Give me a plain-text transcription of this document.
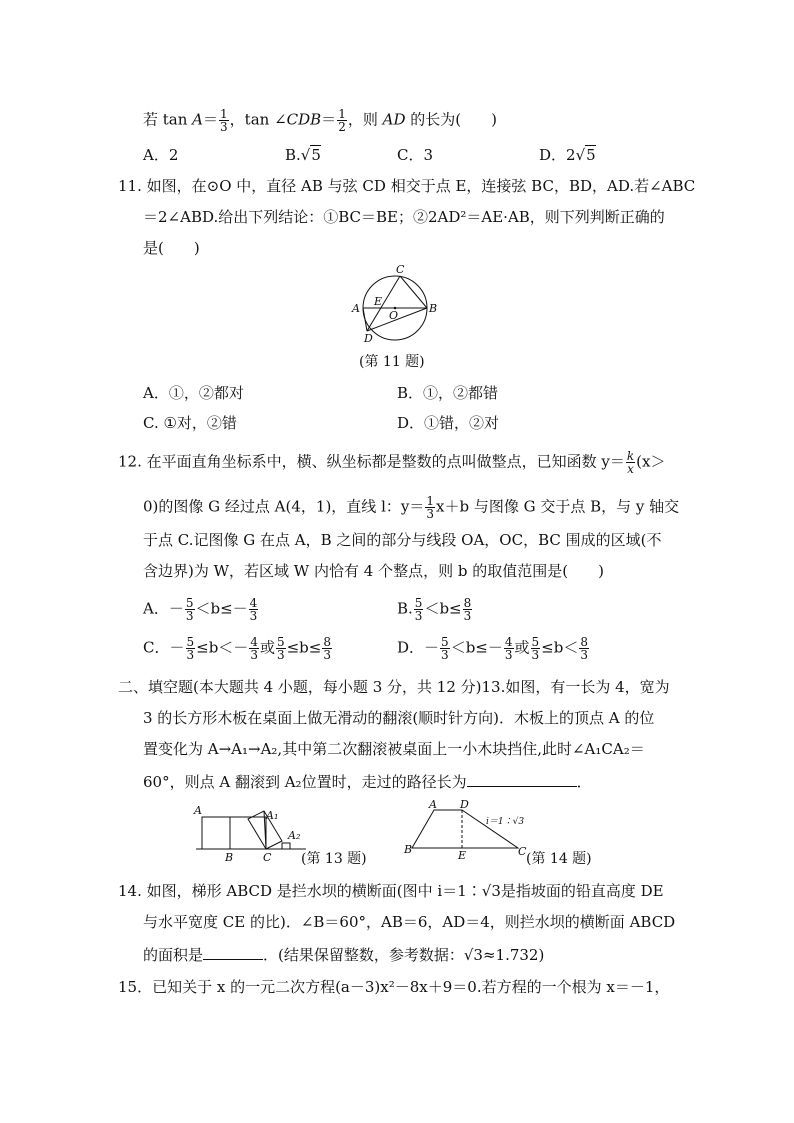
若 $\tan A= \frac{1}{3}$ ，tan ∠CDB＝ $\frac{1}{2}$ ，则 AD 的长为(　　)
A．2	B.√5	C．3	D．2√5
11. 如图，在⊙O 中，直径 AB 与弦 CD 相交于点 E，连接弦 BC，BD，AD.若∠ABC
＝2∠ABD.给出下列结论：①BC＝BE；②2AD²＝AE·AB，则下列判断正确的
是(　　)
C
A
E
O
B
D
(第 11 题)
A．①，②都对	B．①，②都错
C. ①对，②错	D．①错，②对
12. 在平面直角坐标系中，横、纵坐标都是整数的点叫做整点，已知函数 $y= \frac{k}{x} (x>$
0)的图像 G 经过点 A(4，1)，直线 l：$y= \frac{1}{3} x+b$ 与图像 G 交于点 B，与 y 轴交
于点 C.记图像 G 在点 A，B 之间的部分与线段 OA，OC，BC 围成的区域(不
含边界)为 W，若区域 W 内恰有 4 个整点，则 b 的取值范围是(　　)
A．－ $\frac{5}{3} <b\le- \frac{4}{3}$	B. $\frac{5}{3} <b\le \frac{8}{3}$
C．－ $\frac{5}{3} \le b<- \frac{4}{3}$ 或 $\frac{5}{3} \le b\le \frac{8}{3}$	D．－ $\frac{5}{3} <b\le- \frac{4}{3}$ 或 $\frac{5}{3} \le b< \frac{8}{3}$
二、填空题(本大题共 4 小题，每小题 3 分，共 12 分)13.如图，有一长为 4，宽为
3 的长方形木板在桌面上做无滑动的翻滚(顺时针方向)．木板上的顶点 A 的位
置变化为 A→A₁→A₂,其中第二次翻滚被桌面上一小木块挡住,此时∠A₁CA₂＝
60°，则点 A 翻滚到 A₂位置时，走过的路径长为	．
A	A₁
A₂
B	C (第 13 题)
A D
i＝1∶√3
B	E	C (第 14 题)
14. 如图，梯形 ABCD 是拦水坝的横断面(图中 i＝1∶√3是指坡面的铅直高度 DE
与水平宽度 CE 的比)．∠B＝60°，AB＝6，AD＝4，则拦水坝的横断面 ABCD
的面积是	．(结果保留整数，参考数据：√3≈1.732)
15．已知关于 x 的一元二次方程(a－3)x²－8x＋9＝0.若方程的一个根为 x＝－1，
